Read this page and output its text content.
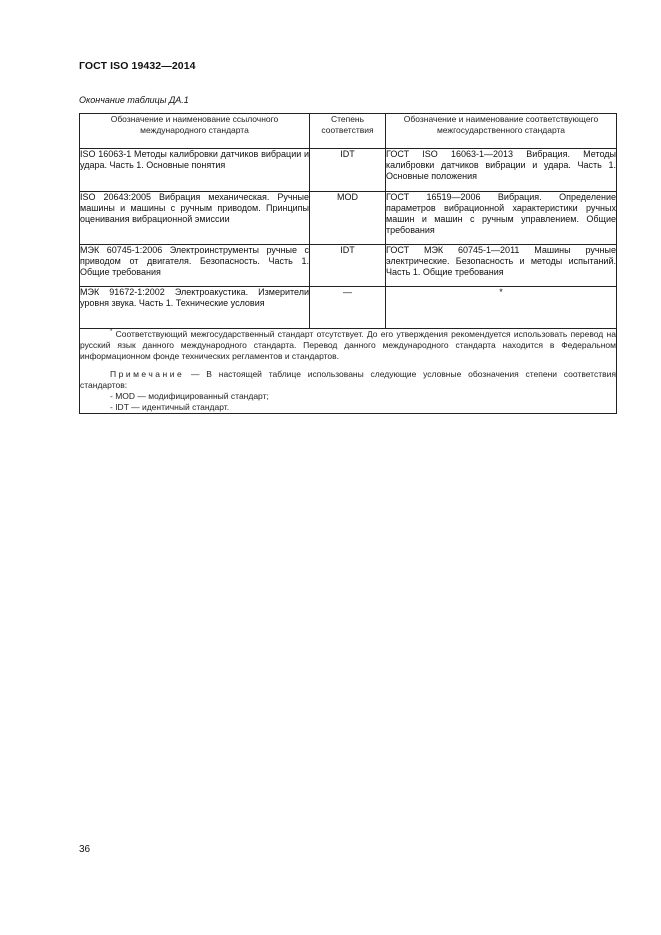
ГОСТ ISO 19432—2014
Окончание таблицы ДА.1
Обозначение и наименование ссылочного международного стандарта	Степень соответствия	Обозначение и наименование соответствующего межгосударственного стандарта
ISO 16063-1 Методы калибровки датчиков вибрации и удара. Часть 1. Основные понятия	IDT	ГОСТ ISO 16063-1—2013 Вибрация. Методы калибровки датчиков вибрации и удара. Часть 1. Основные положения
ISO 20643:2005 Вибрация механическая. Ручные машины и машины с ручным приводом. Принципы оценивания вибрационной эмиссии	MOD	ГОСТ 16519—2006 Вибрация. Определение параметров вибрационной характеристики ручных машин и машин с ручным управлением. Общие требования
МЭК 60745-1:2006 Электроинструменты ручные с приводом от двигателя. Безопасность. Часть 1. Общие требования	IDT	ГОСТ МЭК 60745-1—2011 Машины ручные электрические. Безопасность и методы испытаний. Часть 1. Общие требования
МЭК 91672-1:2002 Электроакустика. Измерители уровня звука. Часть 1. Технические условия	—	*

* Соответствующий межгосударственный стандарт отсутствует. До его утверждения рекомендуется использовать перевод на русский язык данного международного стандарта. Перевод данного международного стандарта находится в Федеральном информационном фонде технических регламентов и стандартов.

Примечание — В настоящей таблице использованы следующие условные обозначения степени соответствия стандартов:

- MOD — модифицированный стандарт;
- IDT — идентичный стандарт.		
36
